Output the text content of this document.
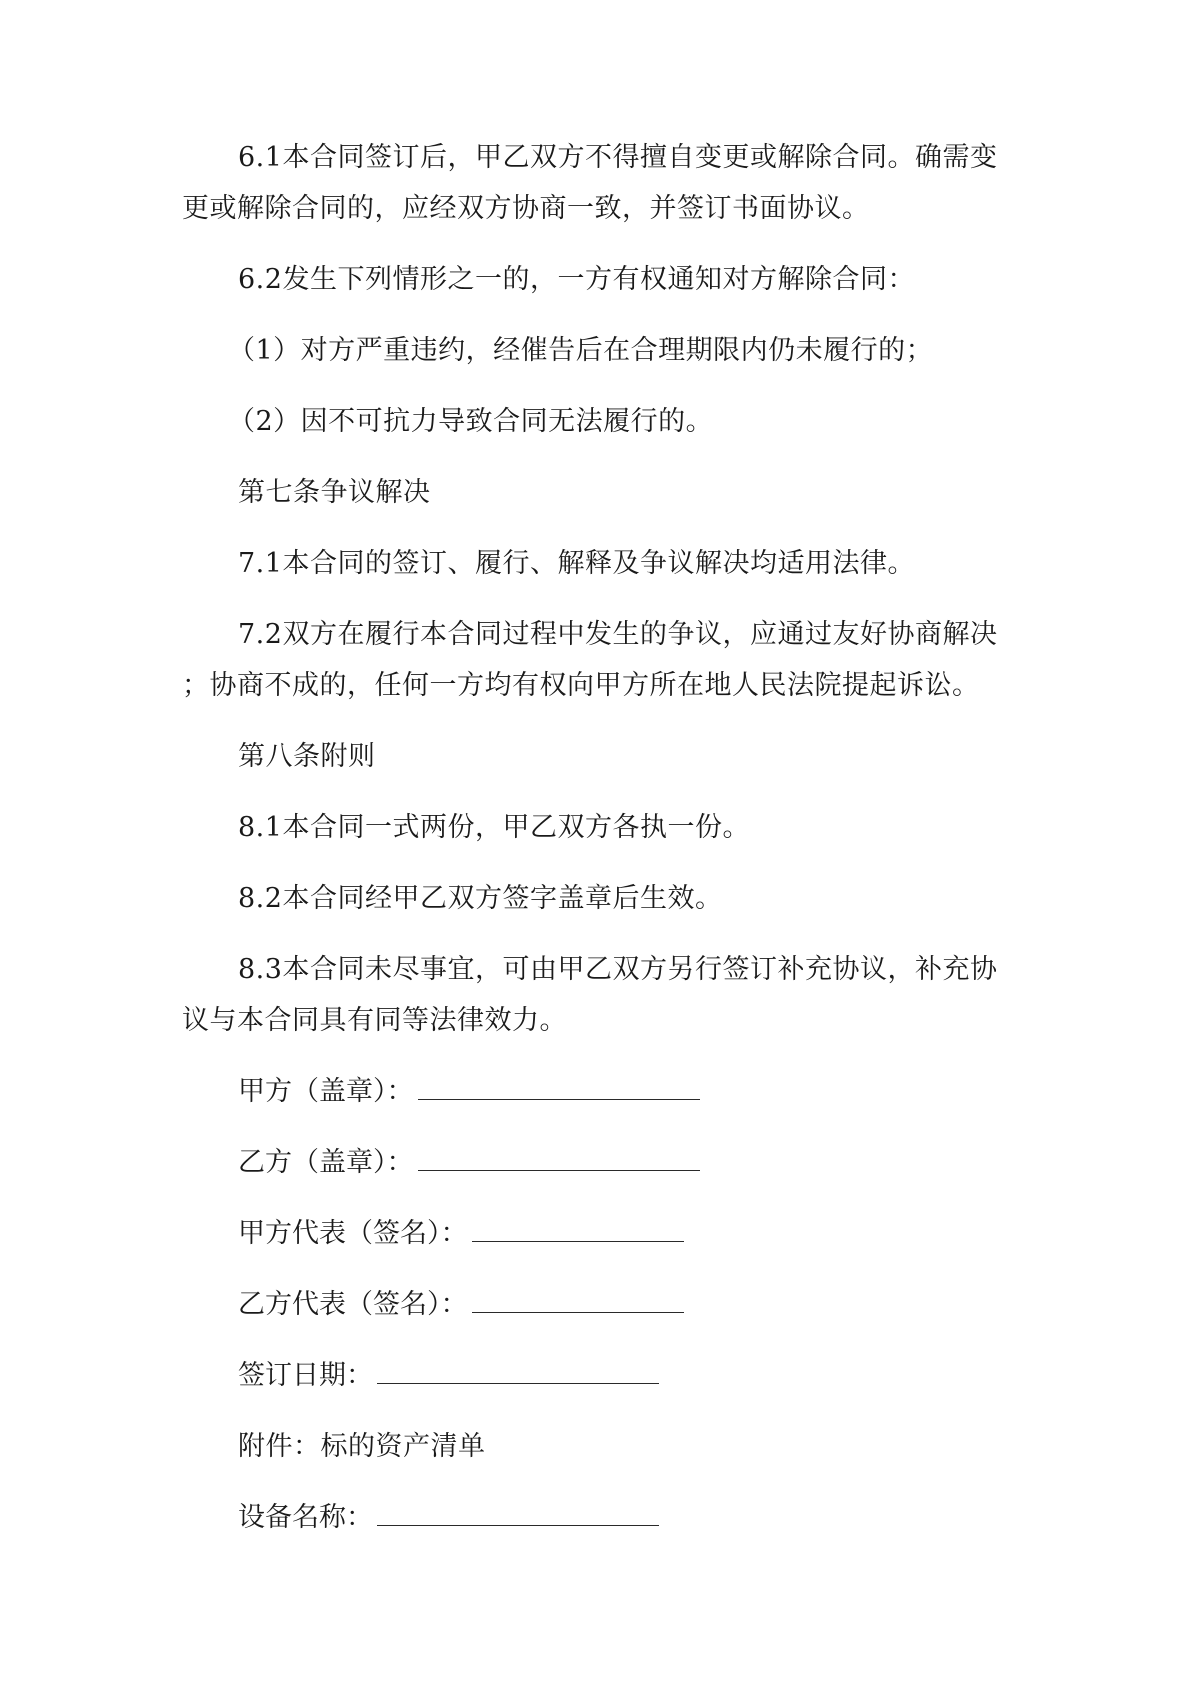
6.1本合同签订后，甲乙双方不得擅自变更或解除合同。确需变
更或解除合同的，应经双方协商一致，并签订书面协议。

6.2发生下列情形之一的，一方有权通知对方解除合同：

（1）对方严重违约，经催告后在合理期限内仍未履行的；

（2）因不可抗力导致合同无法履行的。

第七条争议解决

7.1本合同的签订、履行、解释及争议解决均适用法律。

7.2双方在履行本合同过程中发生的争议，应通过友好协商解决
；协商不成的，任何一方均有权向甲方所在地人民法院提起诉讼。

第八条附则

8.1本合同一式两份，甲乙双方各执一份。

8.2本合同经甲乙双方签字盖章后生效。

8.3本合同未尽事宜，可由甲乙双方另行签订补充协议，补充协
议与本合同具有同等法律效力。

甲方（盖章）：
乙方（盖章）：
甲方代表（签名）：
乙方代表（签名）：
签订日期：

附件：标的资产清单

设备名称：
